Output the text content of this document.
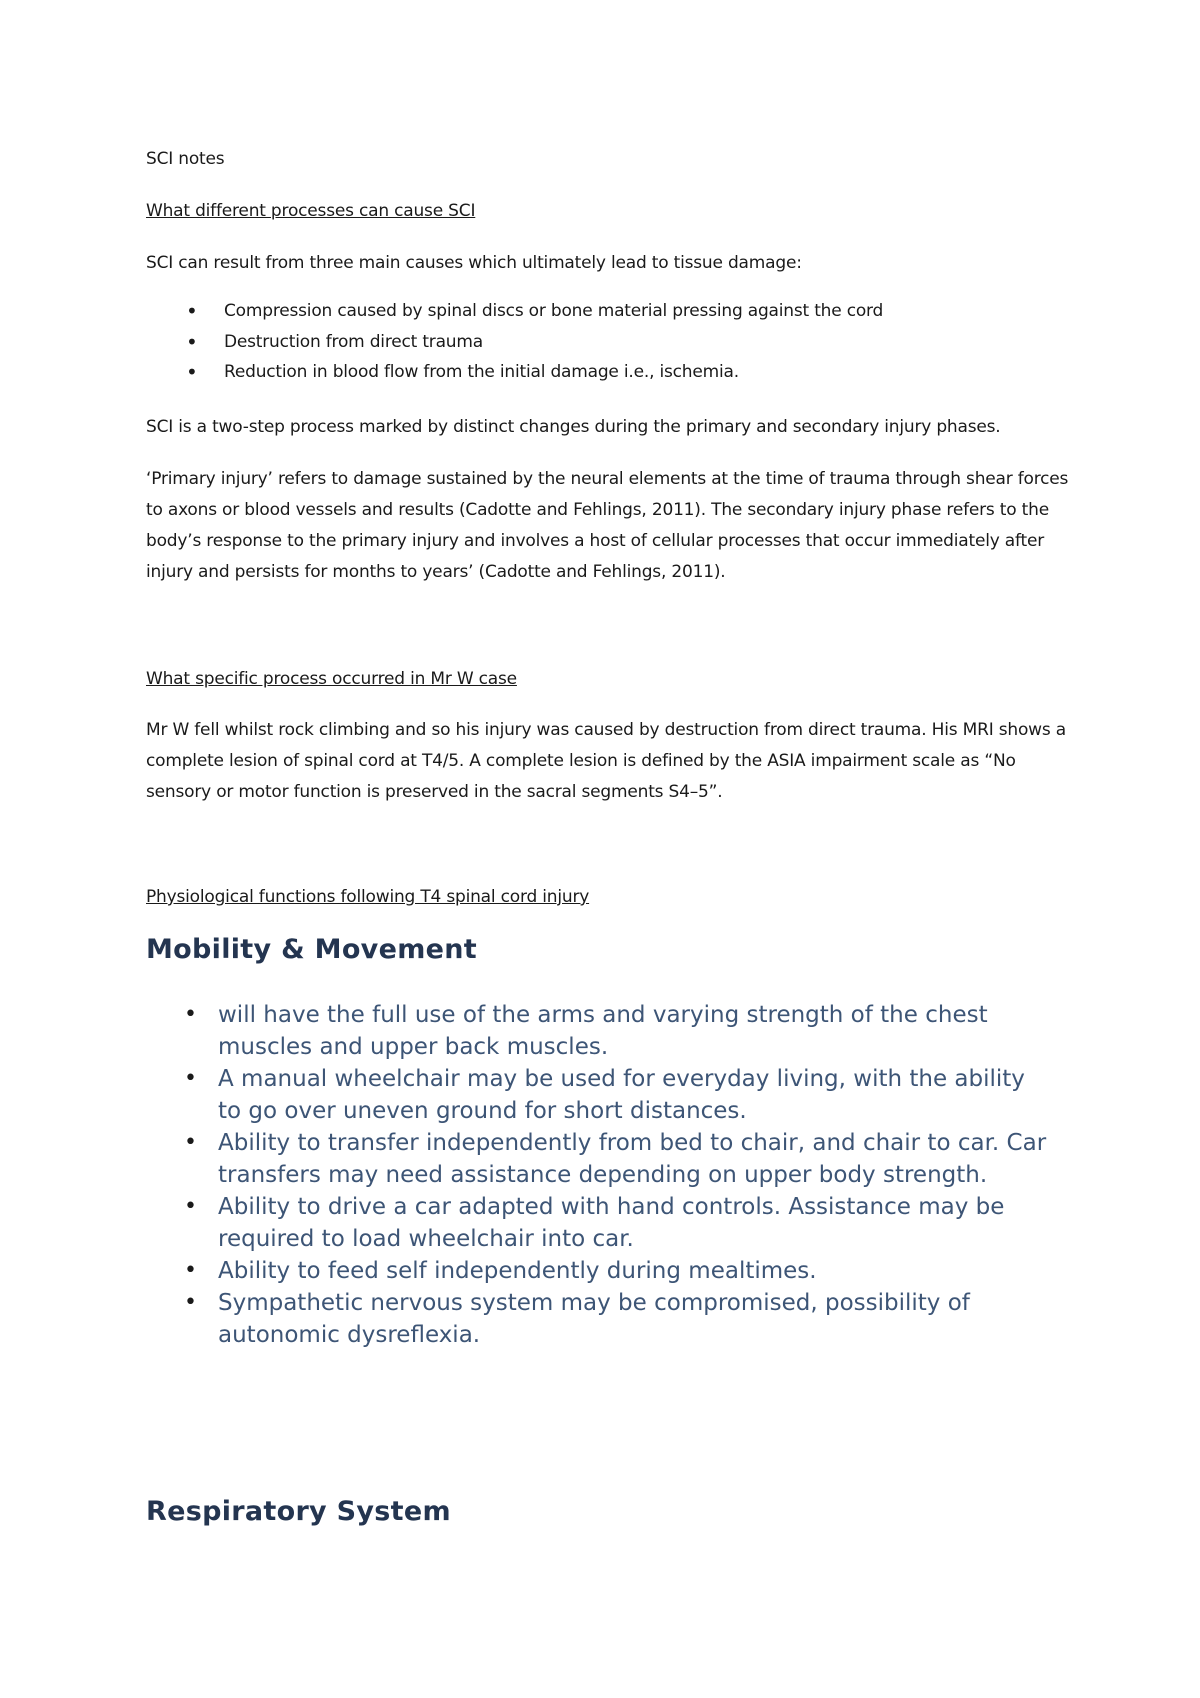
SCI notes

What different processes can cause SCI

SCI can result from three main causes which ultimately lead to tissue damage:

• Compression caused by spinal discs or bone material pressing against the cord
• Destruction from direct trauma
• Reduction in blood flow from the initial damage i.e., ischemia.

SCI is a two-step process marked by distinct changes during the primary and secondary injury phases.

‘Primary injury’ refers to damage sustained by the neural elements at the time of trauma through shear forces to axons or blood vessels and results (Cadotte and Fehlings, 2011). The secondary injury phase refers to the body’s response to the primary injury and involves a host of cellular processes that occur immediately after injury and persists for months to years’ (Cadotte and Fehlings, 2011).

What specific process occurred in Mr W case

Mr W fell whilst rock climbing and so his injury was caused by destruction from direct trauma. His MRI shows a complete lesion of spinal cord at T4/5. A complete lesion is defined by the ASIA impairment scale as “No sensory or motor function is preserved in the sacral segments S4–5”.

Physiological functions following T4 spinal cord injury

Mobility & Movement
• will have the full use of the arms and varying strength of the chest muscles and upper back muscles.
• A manual wheelchair may be used for everyday living, with the ability to go over uneven ground for short distances.
• Ability to transfer independently from bed to chair, and chair to car. Car transfers may need assistance depending on upper body strength.
• Ability to drive a car adapted with hand controls. Assistance may be required to load wheelchair into car.
• Ability to feed self independently during mealtimes.
• Sympathetic nervous system may be compromised, possibility of autonomic dysreflexia.
Respiratory System
